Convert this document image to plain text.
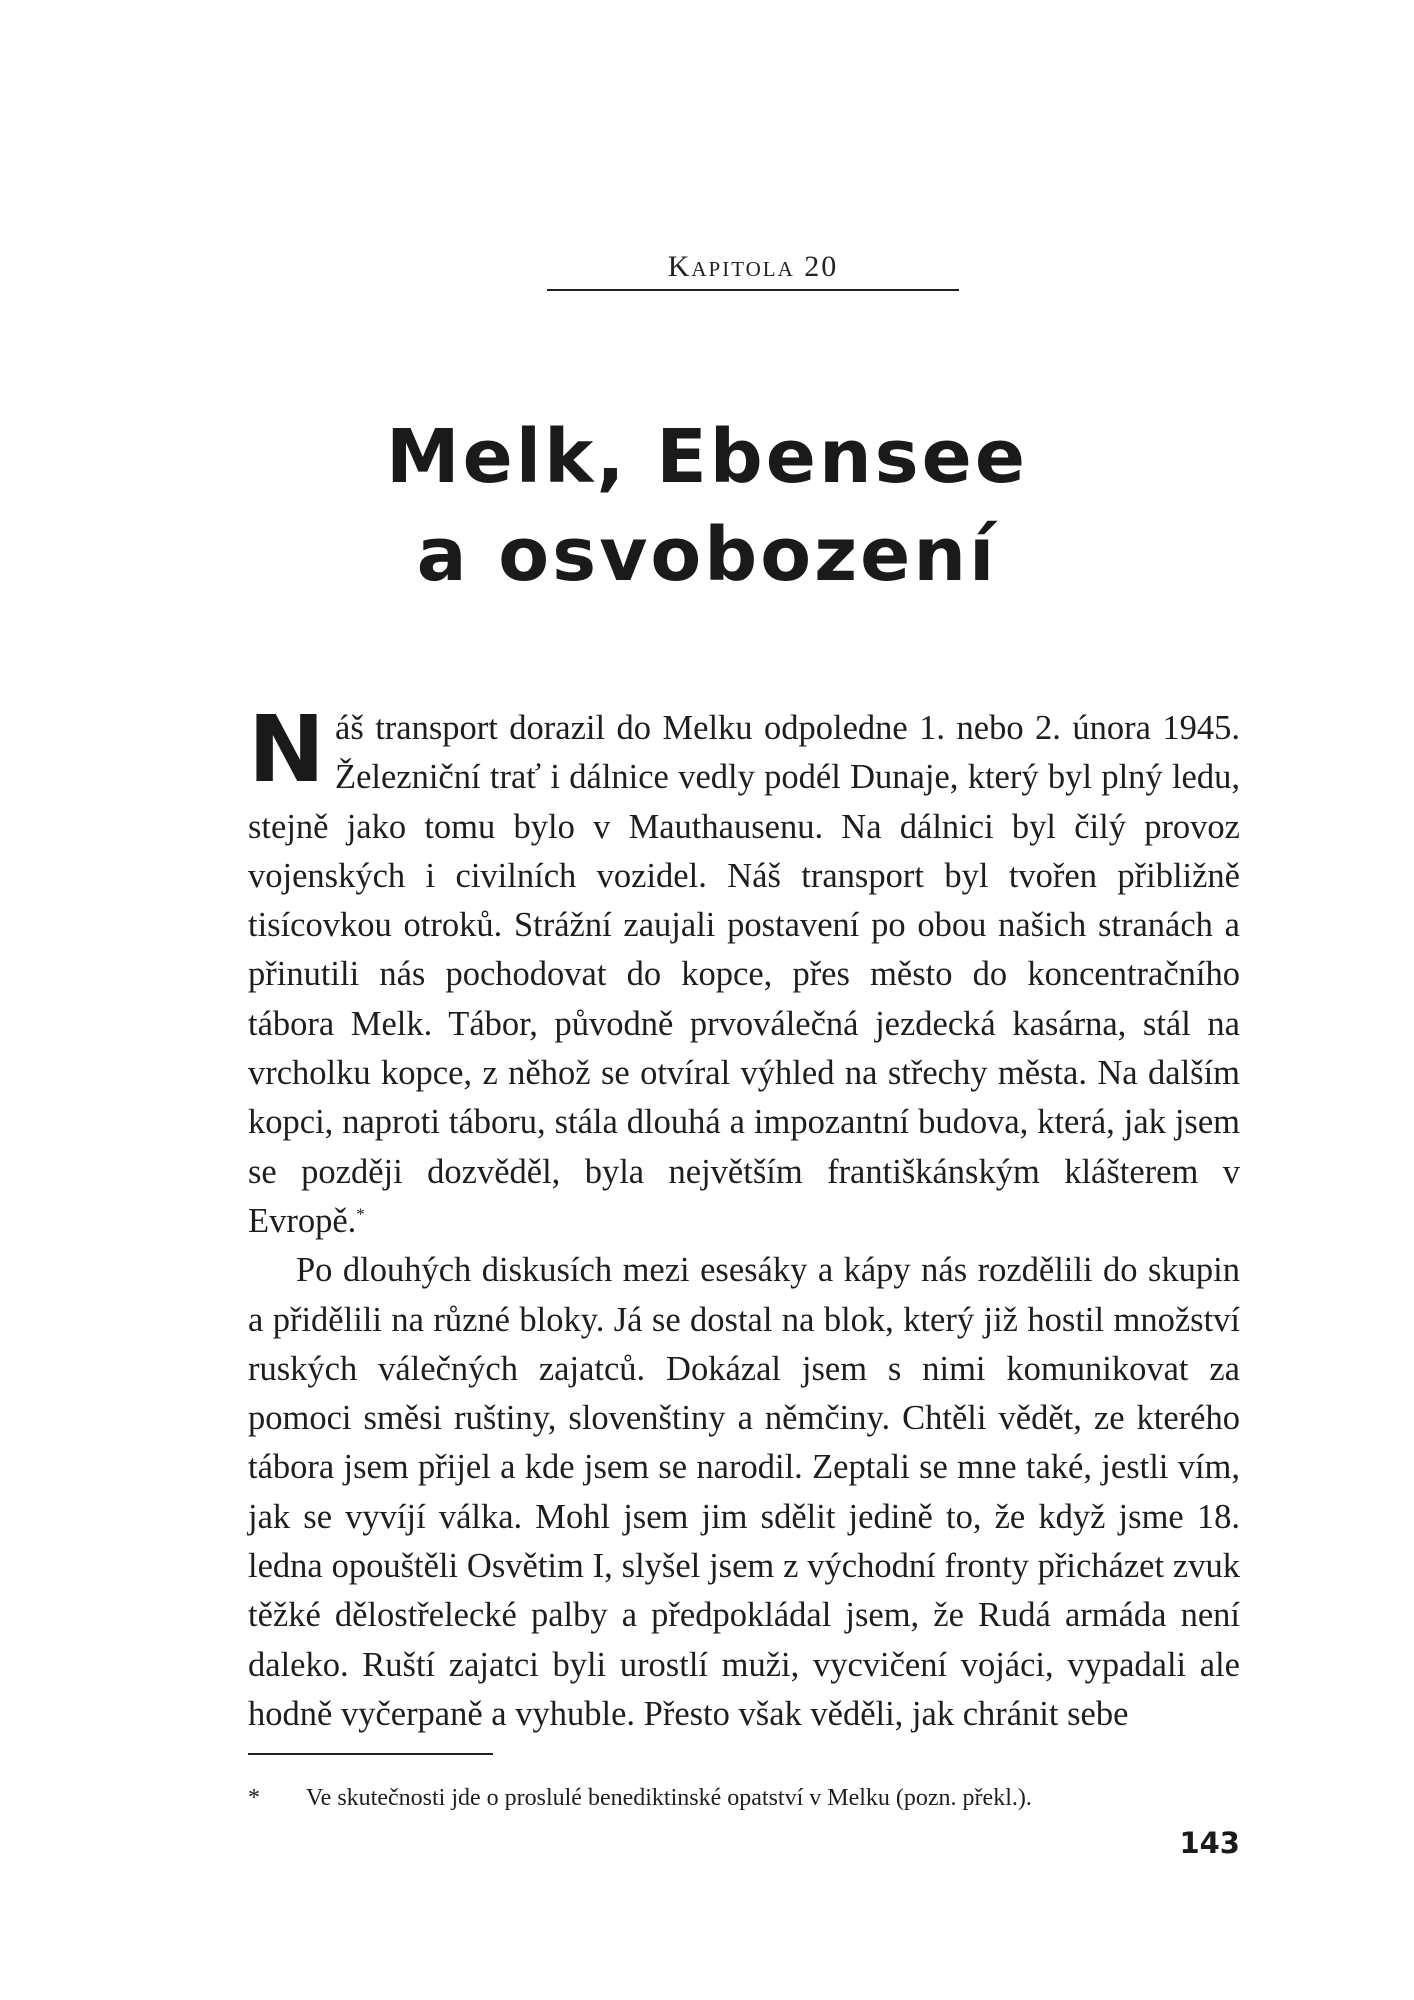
Kapitola 20
Melk, Ebensee
a osvobození

Náš transport dorazil do Melku odpoledne 1. nebo 2. února 1945. Železniční trať i dálnice vedly podél Dunaje, který byl plný ledu, stejně jako tomu bylo v Mauthausenu. Na dálnici byl čilý provoz vojenských i civilních vozidel. Náš transport byl tvořen přibližně tisícovkou otroků. Strážní zaujali postavení po obou našich stranách a přinutili nás pochodovat do kopce, přes město do koncentračního tábora Melk. Tábor, původně prvoválečná jezdecká kasárna, stál na vrcholku kopce, z něhož se otvíral výhled na střechy města. Na dalším kopci, naproti táboru, stála dlouhá a impozantní budova, která, jak jsem se později dozvěděl, byla největším františkánským klášterem v Evropě.*

Po dlouhých diskusích mezi esesáky a kápy nás rozdělili do skupin a přidělili na různé bloky. Já se dostal na blok, který již hostil množství ruských válečných zajatců. Dokázal jsem s nimi komunikovat za pomoci směsi ruštiny, slovenštiny a němčiny. Chtěli vědět, ze kterého tábora jsem přijel a kde jsem se narodil. Zeptali se mne také, jestli vím, jak se vyvíjí válka. Mohl jsem jim sdělit jedině to, že když jsme 18. ledna opouštěli Osvětim I, slyšel jsem z východní fronty přicházet zvuk těžké dělostřelecké palby a předpokládal jsem, že Rudá armáda není daleko. Ruští zajatci byli urostlí muži, vycvičení vojáci, vypadali ale hodně vyčerpaně a vyhuble. Přesto však věděli, jak chránit sebe

* Ve skutečnosti jde o proslulé benediktinské opatství v Melku (pozn. překl.).
143
